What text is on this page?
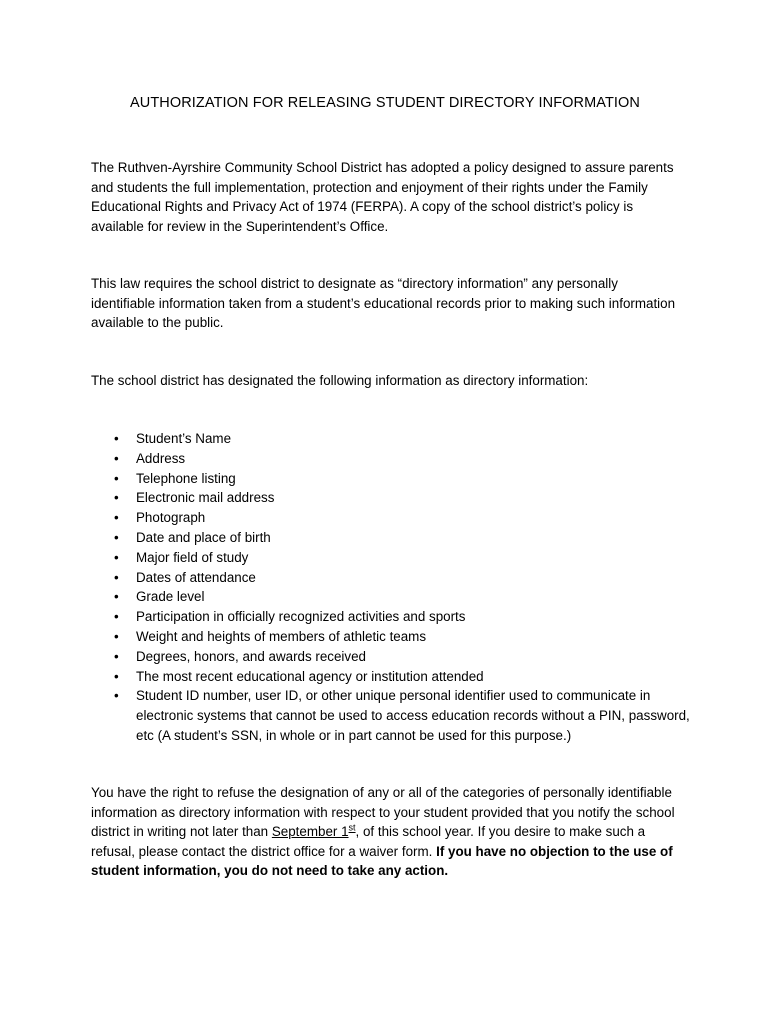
AUTHORIZATION FOR RELEASING STUDENT DIRECTORY INFORMATION

The Ruthven-Ayrshire Community School District has adopted a policy designed to assure parents and students the full implementation, protection and enjoyment of their rights under the Family Educational Rights and Privacy Act of 1974 (FERPA). A copy of the school district’s policy is available for review in the Superintendent’s Office.

This law requires the school district to designate as “directory information” any personally identifiable information taken from a student’s educational records prior to making such information available to the public.

The school district has designated the following information as directory information:

•	Student’s Name
•	Address
•	Telephone listing
•	Electronic mail address
•	Photograph
•	Date and place of birth
•	Major field of study
•	Dates of attendance
•	Grade level
•	Participation in officially recognized activities and sports
•	Weight and heights of members of athletic teams
•	Degrees, honors, and awards received
•	The most recent educational agency or institution attended
•	Student ID number, user ID, or other unique personal identifier used to communicate in electronic systems that cannot be used to access education records without a PIN, password, etc (A student’s SSN, in whole or in part cannot be used for this purpose.)

You have the right to refuse the designation of any or all of the categories of personally identifiable information as directory information with respect to your student provided that you notify the school district in writing not later than September 1st, of this school year. If you desire to make such a refusal, please contact the district office for a waiver form. If you have no objection to the use of student information, you do not need to take any action.
